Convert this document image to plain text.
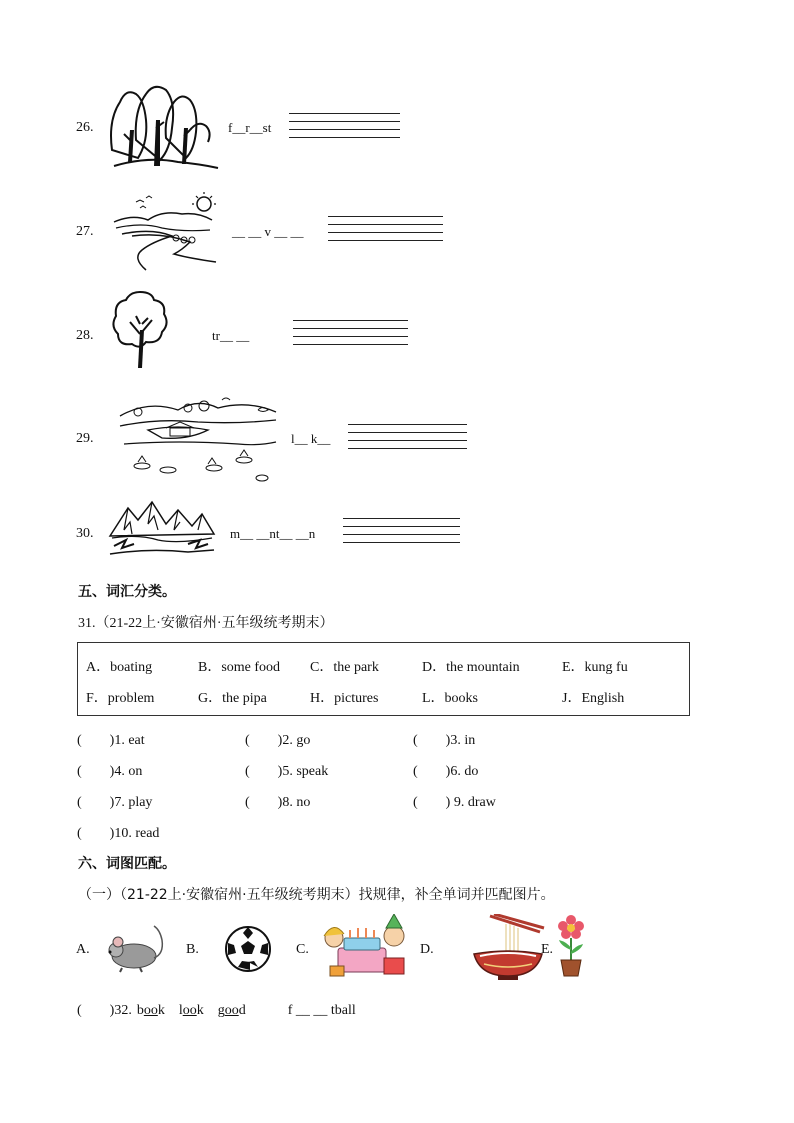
26.	f__r__st
27.	__ __ v __ __
28.	tr__ __
29.	l__ k__
30.	m__ __nt__ __n
五、词汇分类。
31.（21-22上·安徽宿州·五年级统考期末）
A．boating	B．some food C．the park	D．the mountain	E．kung fu
F．problem	G．the pipa	H．pictures	L．books	J．English
(　　)1. eat	(　　)2. go	(　　)3. in
(　　)4. on	(　　)5. speak	(　　)6. do
(　　)7. play	(　　)8. no	(　　) 9. draw
(　　)10. read
六、词图匹配。
（一）（21-22上·安徽宿州·五年级统考期末）找规律，补全单词并匹配图片。
A.	B.	C.	D.	E.
(　　)32. book look good	f __ __ tball
